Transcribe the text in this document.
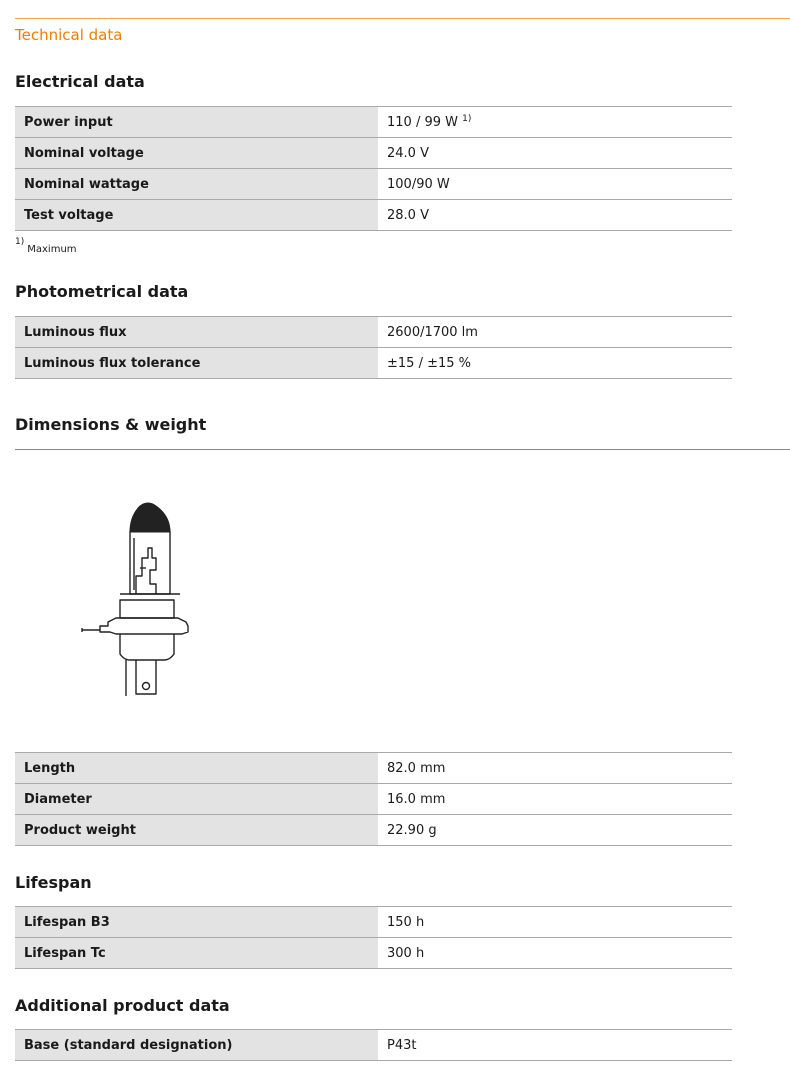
Technical data
Electrical data
Power input	110 / 99 W $^{1)}$
Nominal voltage	24.0 V
Nominal wattage	100/90 W
Test voltage	28.0 V
$^{1)}$Maximum
Photometrical data
Luminous flux	2600/1700 lm
Luminous flux tolerance	±15 / ±15 %
Dimensions & weight
Length	82.0 mm
Diameter	16.0 mm
Product weight	22.90 g
Lifespan
Lifespan B3	150 h
Lifespan Tc	300 h
Additional product data
Base (standard designation)	P43t
